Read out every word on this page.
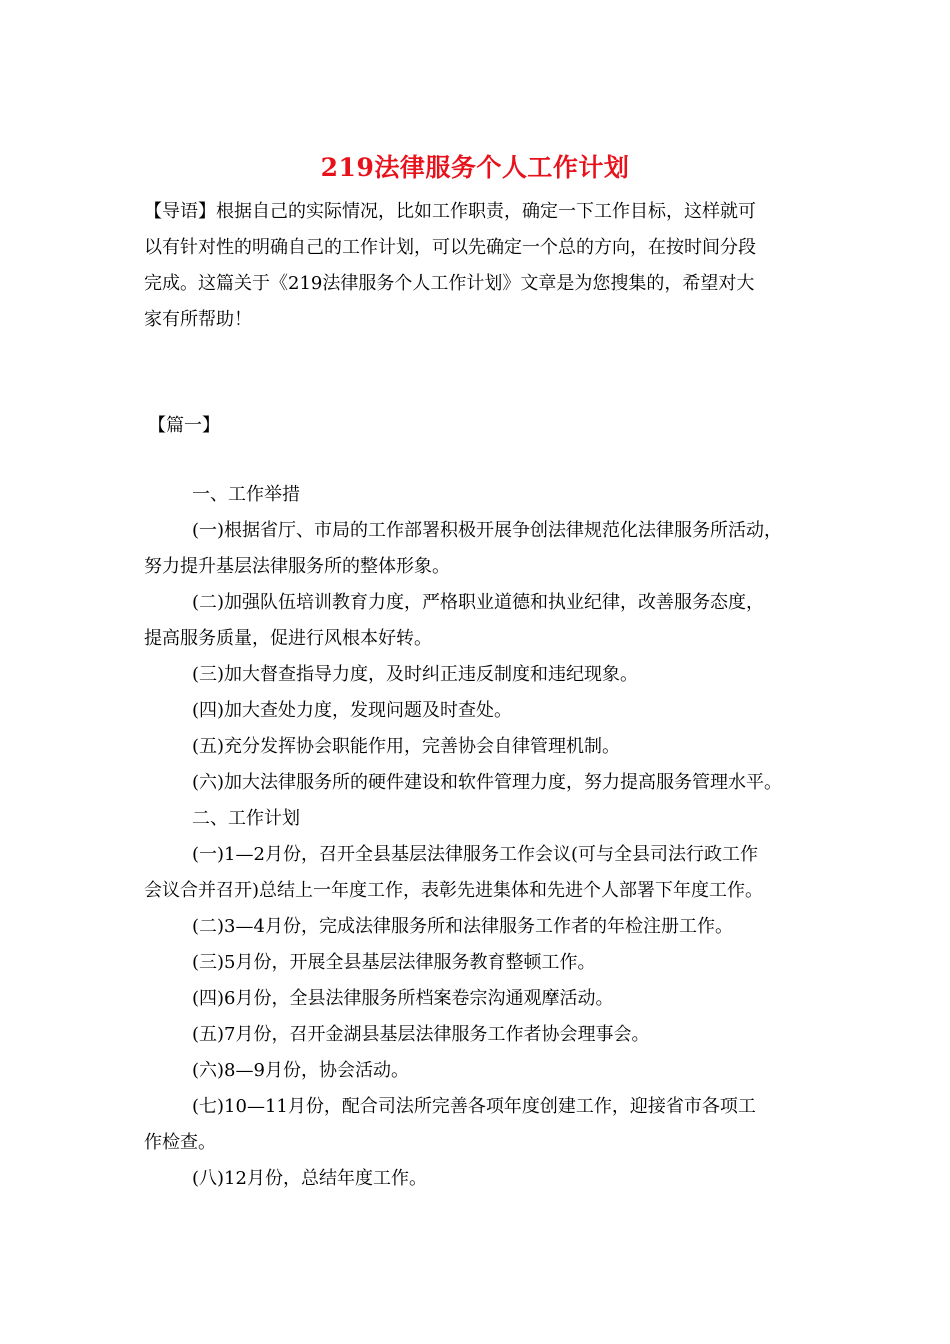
219法律服务个人工作计划

【导语】根据自己的实际情况，比如工作职责，确定一下工作目标，这样就可

以有针对性的明确自己的工作计划，可以先确定一个总的方向，在按时间分段

完成。这篇关于《219法律服务个人工作计划》文章是为您搜集的，希望对大

家有所帮助！

【篇一】

一、工作举措

(一)根据省厅、市局的工作部署积极开展争创法律规范化法律服务所活动，

努力提升基层法律服务所的整体形象。

(二)加强队伍培训教育力度，严格职业道德和执业纪律，改善服务态度，

提高服务质量，促进行风根本好转。

(三)加大督查指导力度，及时纠正违反制度和违纪现象。

(四)加大查处力度，发现问题及时查处。

(五)充分发挥协会职能作用，完善协会自律管理机制。

(六)加大法律服务所的硬件建设和软件管理力度，努力提高服务管理水平。

二、工作计划

(一)1—2月份，召开全县基层法律服务工作会议(可与全县司法行政工作

会议合并召开)总结上一年度工作，表彰先进集体和先进个人部署下年度工作。

(二)3—4月份，完成法律服务所和法律服务工作者的年检注册工作。

(三)5月份，开展全县基层法律服务教育整顿工作。

(四)6月份，全县法律服务所档案卷宗沟通观摩活动。

(五)7月份，召开金湖县基层法律服务工作者协会理事会。

(六)8—9月份，协会活动。

(七)10—11月份，配合司法所完善各项年度创建工作，迎接省市各项工

作检查。

(八)12月份，总结年度工作。
